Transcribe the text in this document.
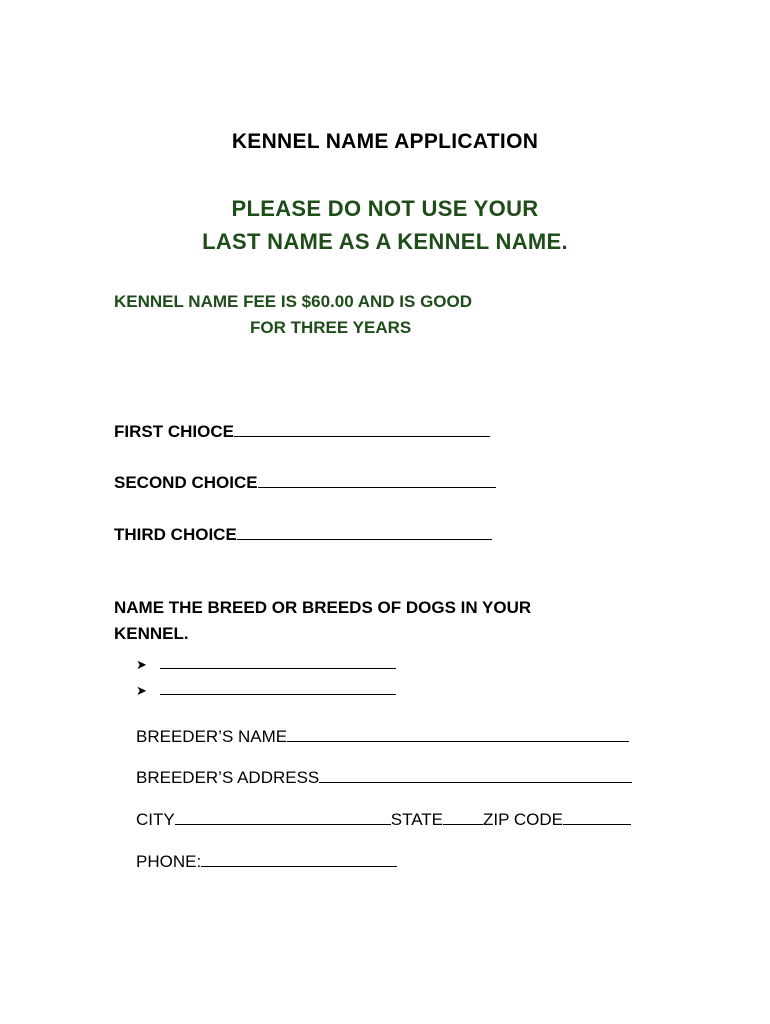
KENNEL NAME APPLICATION
PLEASE DO NOT USE YOUR
LAST NAME AS A KENNEL NAME.
KENNEL NAME FEE IS $60.00 AND IS GOOD
FOR THREE YEARS
FIRST CHIOCE
SECOND CHOICE
THIRD CHOICE
NAME THE BREED OR BREEDS OF DOGS IN YOUR
KENNEL.
➤
➤
BREEDER’S NAME
BREEDER’S ADDRESS
CITY	STATE ZIP CODE
PHONE:
